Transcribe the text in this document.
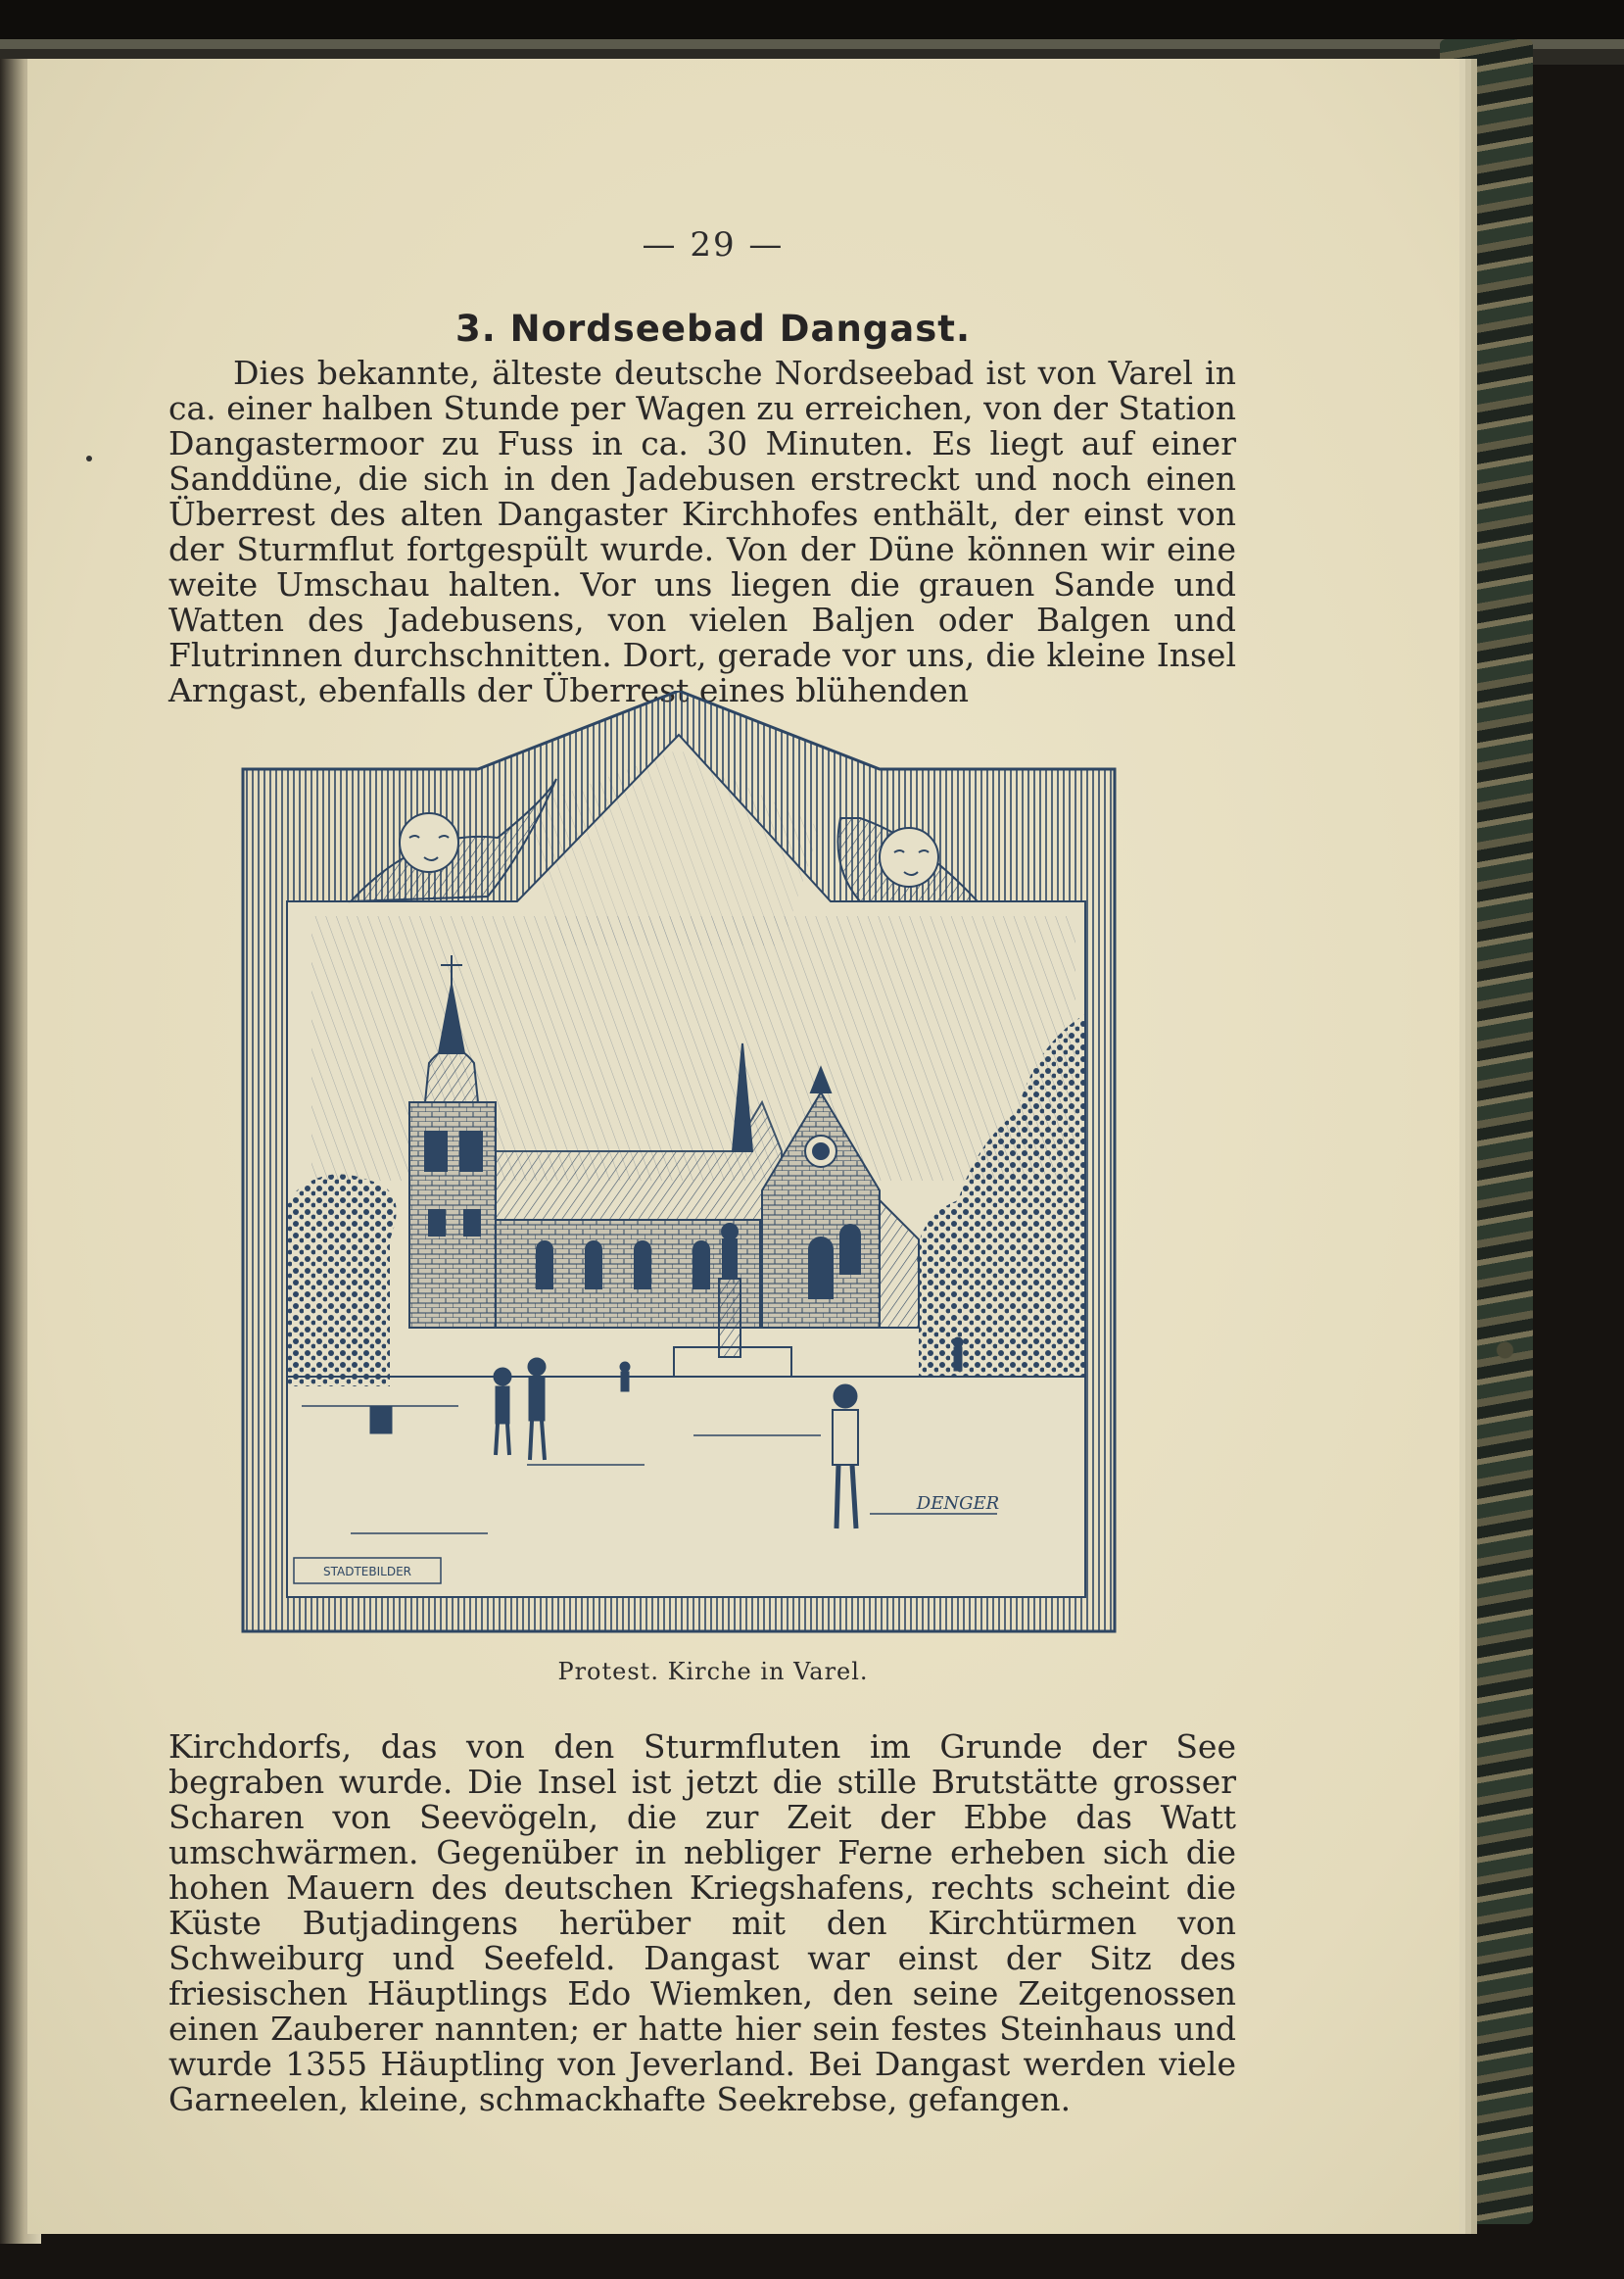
— 29 —
3. Nordseebad Dangast.
Dies bekannte, älteste deutsche Nordseebad ist von Varel in ca. einer halben Stunde per Wagen zu erreichen, von der Station Dangastermoor zu Fuss in ca. 30 Minuten. Es liegt auf einer Sanddüne, die sich in den Jadebusen erstreckt und noch einen Überrest des alten Dangaster Kirchhofes enthält, der einst von der Sturmflut fortgespült wurde. Von der Düne können wir eine weite Umschau halten. Vor uns liegen die grauen Sande und Watten des Jadebusens, von vielen Baljen oder Balgen und Flutrinnen durchschnitten. Dort, gerade vor uns, die kleine Insel Arngast, ebenfalls der Überrest eines blühenden
STADTEBILDER
DENGER
Protest. Kirche in Varel.
Kirchdorfs, das von den Sturmfluten im Grunde der See begraben wurde. Die Insel ist jetzt die stille Brutstätte grosser Scharen von Seevögeln, die zur Zeit der Ebbe das Watt umschwärmen. Gegenüber in nebliger Ferne erheben sich die hohen Mauern des deutschen Kriegshafens, rechts scheint die Küste Butjadingens herüber mit den Kirchtürmen von Schweiburg und Seefeld. Dangast war einst der Sitz des friesischen Häuptlings Edo Wiemken, den seine Zeitgenossen einen Zauberer nannten; er hatte hier sein festes Steinhaus und wurde 1355 Häuptling von Jeverland. Bei Dangast werden viele Garneelen, kleine, schmackhafte Seekrebse, gefangen.
